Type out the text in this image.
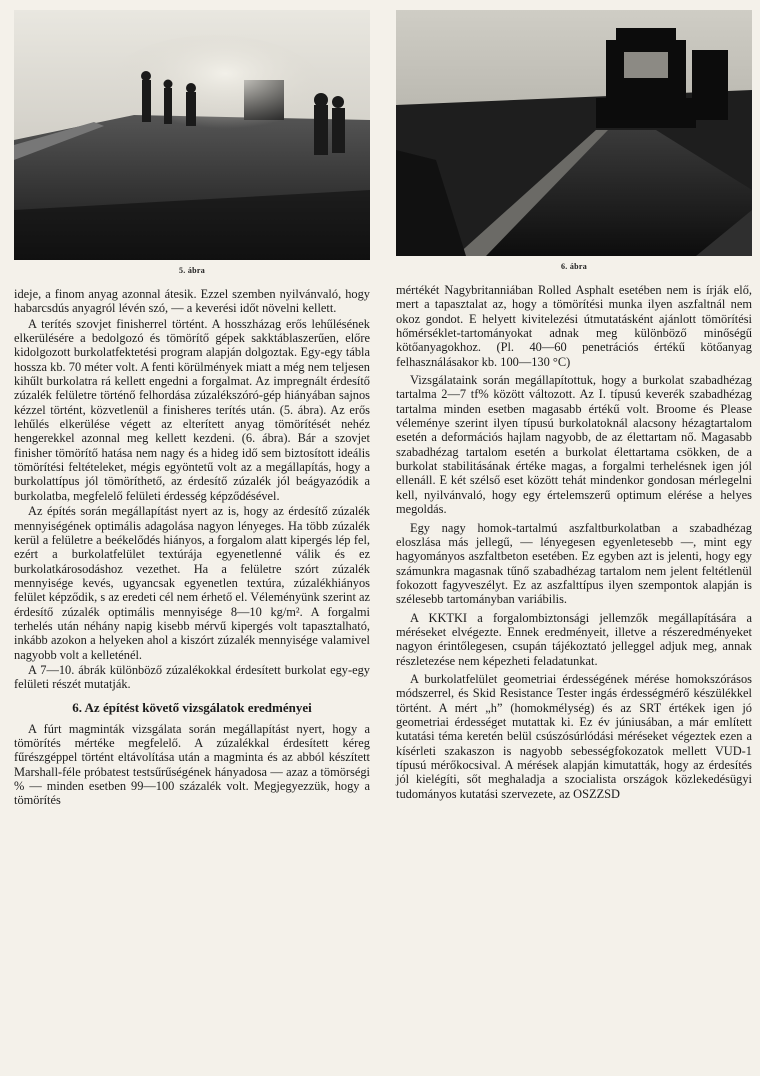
5. ábra

ideje, a finom anyag azonnal átesik. Ezzel szemben nyilvánvaló, hogy habarcsdús anyagról lévén szó, — a keverési időt növelni kellett.

A terítés szovjet finisherrel történt. A hosszházag erős lehűlésének elkerülésére a bedolgozó és tömörítő gépek sakktáblaszerűen, előre kidolgozott burkolatfektetési program alapján dolgoztak. Egy-egy tábla hossza kb. 70 méter volt. A fenti körülmények miatt a még nem teljesen kihűlt burkolatra rá kellett engedni a forgalmat. Az impregnált érdesítő zúzalék felületre történő felhordása zúzalékszóró-gép hiányában sajnos kézzel történt, közvetlenül a finisheres terítés után. (5. ábra). Az erős lehűlés elkerülése végett az elterített anyag tömörítését nehéz hengerekkel azonnal meg kellett kezdeni. (6. ábra). Bár a szovjet finisher tömörítő hatása nem nagy és a hideg idő sem biztosított ideális tömörítési feltételeket, mégis egyöntetű volt az a megállapítás, hogy a burkolattípus jól tömöríthető, az érdesítő zúzalék jól beágyazódik a burkolatba, megfelelő felületi érdesség képződésével.

Az építés során megállapítást nyert az is, hogy az érdesítő zúzalék mennyiségének optimális adagolása nagyon lényeges. Ha több zúzalék kerül a felületre a beékelődés hiányos, a forgalom alatt kipergés lép fel, ezért a burkolatfelület textúrája egyenetlenné válik és ez burkolatkárosodáshoz vezethet. Ha a felületre szórt zúzalék mennyisége kevés, ugyancsak egyenetlen textúra, zúzalékhiányos felület képződik, s az eredeti cél nem érhető el. Véleményünk szerint az érdesítő zúzalék optimális mennyisége 8—10 kg/m². A forgalmi terhelés után néhány napig kisebb mérvű kipergés volt tapasztalható, inkább azokon a helyeken ahol a kiszórt zúzalék mennyisége valamivel nagyobb volt a kelleténél.

A 7—10. ábrák különböző zúzalékokkal érdesített burkolat egy-egy felületi részét mutatják.

6. Az építést követő vizsgálatok eredményei

A fúrt magminták vizsgálata során megállapítást nyert, hogy a tömörítés mértéke megfelelő. A zúzalékkal érdesített kéreg fűrészgéppel történt eltávolítása után a magminta és az abból készített Marshall-féle próbatest testsűrűségének hányadosa — azaz a tömörségi % — minden esetben 99—100 százalék volt. Megjegyezzük, hogy a tömörítés

6. ábra

mértékét Nagybritanniában Rolled Asphalt esetében nem is írják elő, mert a tapasztalat az, hogy a tömörítési munka ilyen aszfaltnál nem okoz gondot. E helyett kivitelezési útmutatásként ajánlott tömörítési hőmérséklet-tartományokat adnak meg különböző minőségű kötőanyagokhoz. (Pl. 40—60 penetrációs értékű kötőanyag felhasználásakor kb. 100—130 °C)

Vizsgálataink során megállapítottuk, hogy a burkolat szabadhézag tartalma 2—7 tf% között változott. Az I. típusú keverék szabadhézag tartalma minden esetben magasabb értékű volt. Broome és Please véleménye szerint ilyen típusú burkolatoknál alacsony hézagtartalom esetén a deformációs hajlam nagyobb, de az élettartam nő. Magasabb szabadhézag tartalom esetén a burkolat élettartama csökken, de a burkolat stabilitásának értéke magas, a forgalmi terhelésnek igen jól ellenáll. E két szélső eset között tehát mindenkor gondosan mérlegelni kell, nyilvánvaló, hogy egy értelemszerű optimum elérése a helyes megoldás.

Egy nagy homok-tartalmú aszfaltburkolatban a szabadhézag eloszlása más jellegű, — lényegesen egyenletesebb —, mint egy hagyományos aszfaltbeton esetében. Ez egyben azt is jelenti, hogy egy számunkra magasnak tűnő szabadhézag tartalom nem jelent feltétlenül fokozott fagyveszélyt. Ez az aszfalttípus ilyen szempontok alapján is szélesebb tartományban variábilis.

A KKTKI a forgalombiztonsági jellemzők megállapítására a méréseket elvégezte. Ennek eredményeit, illetve a részeredményeket nagyon érintőlegesen, csupán tájékoztató jelleggel adjuk meg, annak részletezése nem képezheti feladatunkat.

A burkolatfelület geometriai érdességének mérése homokszórásos módszerrel, és Skid Resistance Tester ingás érdességmérő készülékkel történt. A mért „h” (homokmélység) és az SRT értékek igen jó geometriai érdességet mutattak ki. Ez év júniusában, a már említett kutatási téma keretén belül csúszósúrlódási méréseket végeztek ezen a kísérleti szakaszon is nagyobb sebességfokozatok mellett VUD-1 típusú mérőkocsival. A mérések alapján kimutatták, hogy az érdesítés jól kielégíti, sőt meghaladja a szocialista országok közlekedésügyi tudományos kutatási szervezete, az OSZZSD
